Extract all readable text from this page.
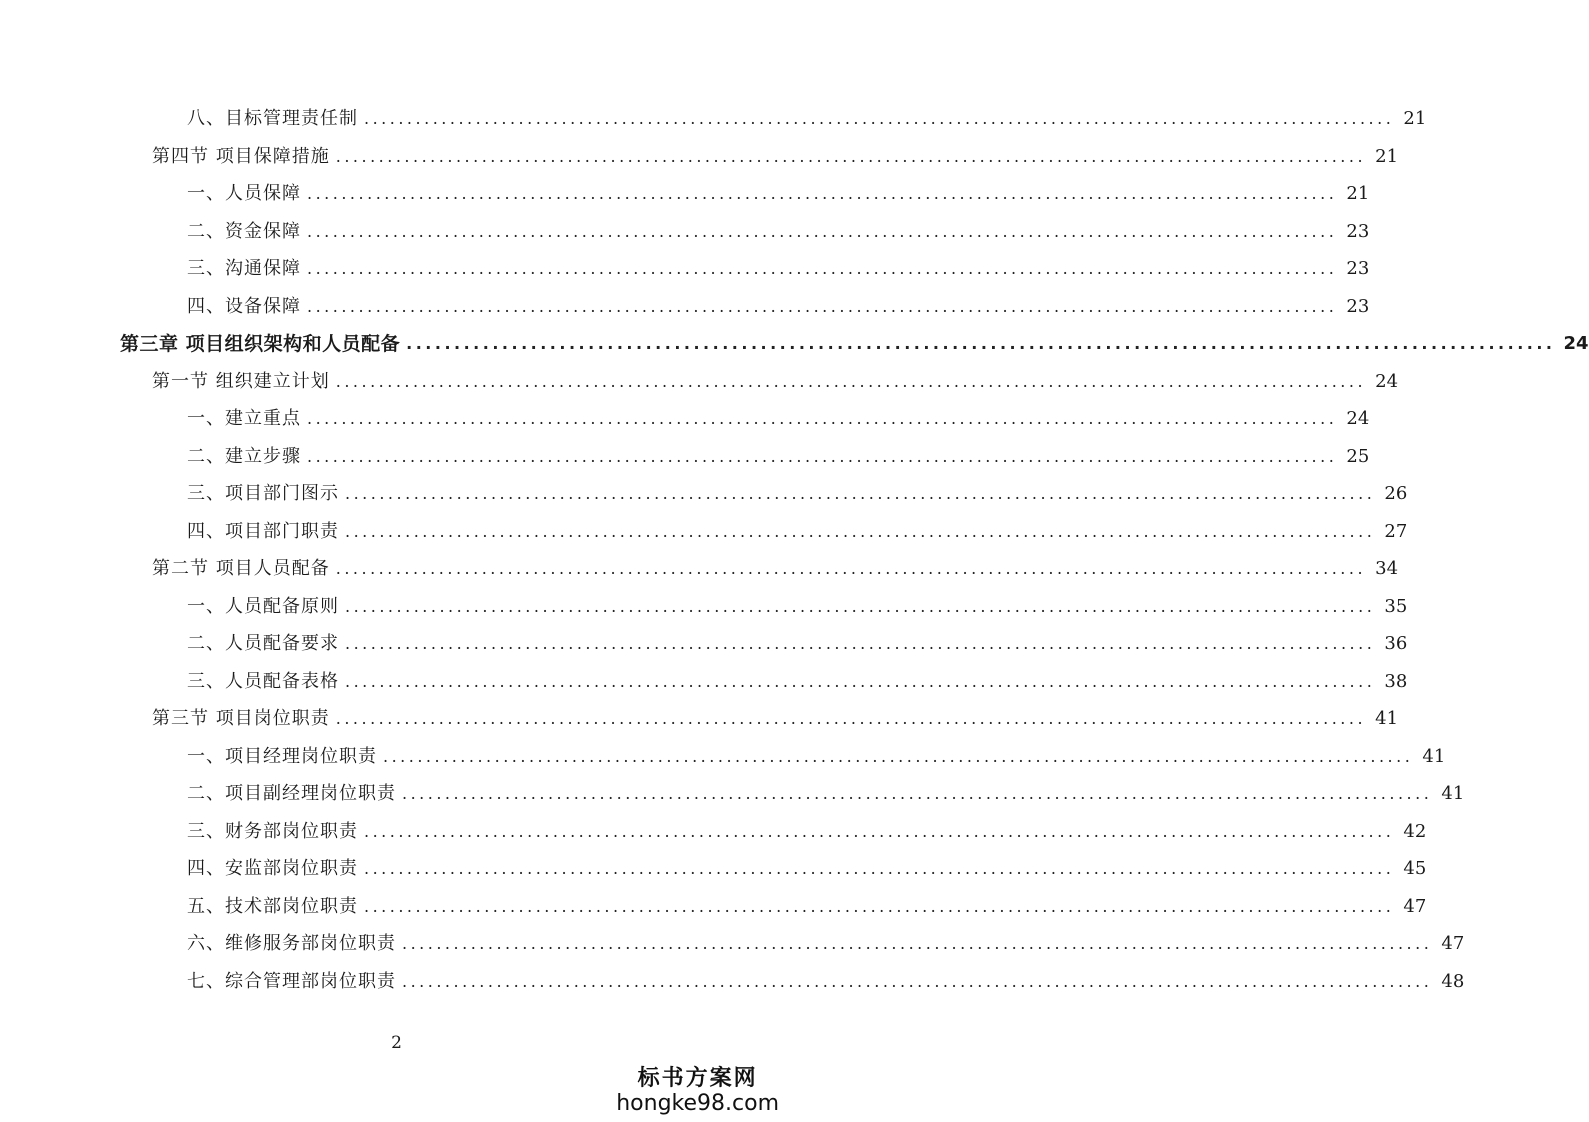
八、目标管理责任制 ........................................................................................................................ 21
第四节 项目保障措施 ........................................................................................................................ 21
一、人员保障 ........................................................................................................................ 21
二、资金保障 ........................................................................................................................ 23
三、沟通保障 ........................................................................................................................ 23
四、设备保障 ........................................................................................................................ 23
第三章 项目组织架构和人员配备 ........................................................................................................................ 24
第一节 组织建立计划 ........................................................................................................................ 24
一、建立重点 ........................................................................................................................ 24
二、建立步骤 ........................................................................................................................ 25
三、项目部门图示 ........................................................................................................................ 26
四、项目部门职责 ........................................................................................................................ 27
第二节 项目人员配备 ........................................................................................................................ 34
一、人员配备原则 ........................................................................................................................ 35
二、人员配备要求 ........................................................................................................................ 36
三、人员配备表格 ........................................................................................................................ 38
第三节 项目岗位职责 ........................................................................................................................ 41
一、项目经理岗位职责 ........................................................................................................................ 41
二、项目副经理岗位职责 ........................................................................................................................ 41
三、财务部岗位职责 ........................................................................................................................ 42
四、安监部岗位职责 ........................................................................................................................ 45
五、技术部岗位职责 ........................................................................................................................ 47
六、维修服务部岗位职责 ........................................................................................................................ 47
七、综合管理部岗位职责 ........................................................................................................................ 48
2
标书方案网
hongke98.com
